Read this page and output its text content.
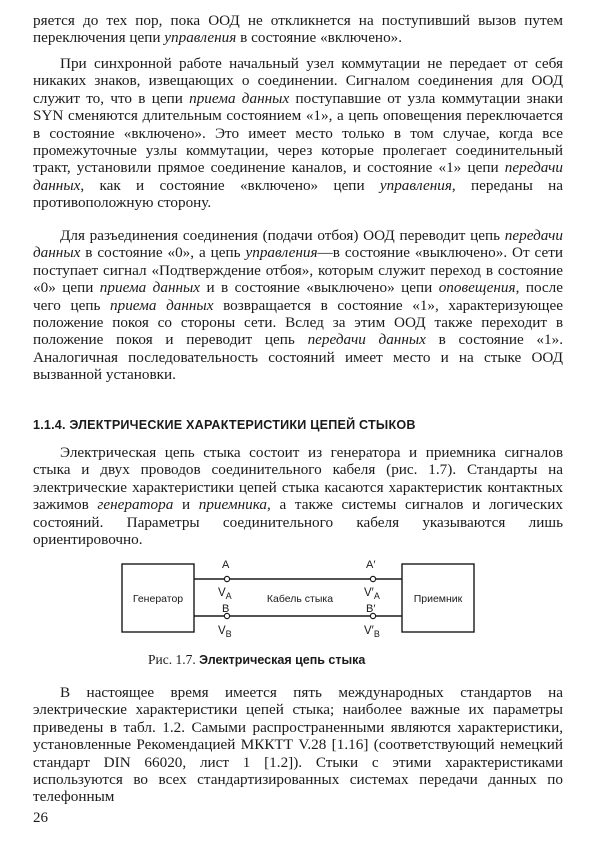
ряется до тех пор, пока ООД не откликнется на поступивший вызов путем переключения цепи управления в состояние «включено».
При синхронной работе начальный узел коммутации не передает от себя никаких знаков, извещающих о соединении. Сигналом соединения для ООД служит то, что в цепи приема данных поступавшие от узла коммутации знаки SYN сменяются длительным состоянием «1», а цепь оповещения переключается в состояние «включено». Это имеет место только в том случае, когда все промежуточные узлы коммутации, через которые пролегает соединительный тракт, установили прямое соединение каналов, и состояние «1» цепи передачи данных, как и состояние «включено» цепи управления, переданы на противоположную сторону.
Для разъединения соединения (подачи отбоя) ООД переводит цепь передачи данных в состояние «0», а цепь управления—в состояние «выключено». От сети поступает сигнал «Подтверждение отбоя», которым служит переход в состояние «0» цепи приема данных и в состояние «выключено» цепи оповещения, после чего цепь приема данных возвращается в состояние «1», характеризующее положение покоя со стороны сети. Вслед за этим ООД также переходит в положение покоя и переводит цепь передачи данных в состояние «1». Аналогичная последовательность состояний имеет место и на стыке ООД вызванной установки.
1.1.4. ЭЛЕКТРИЧЕСКИЕ ХАРАКТЕРИСТИКИ ЦЕПЕЙ СТЫКОВ
Электрическая цепь стыка состоит из генератора и приемника сигналов стыка и двух проводов соединительного кабеля (рис. 1.7). Стандарты на электрические характеристики цепей стыка касаются характеристик контактных зажимов генератора и приемника, а также системы сигналов и логических состояний. Параметры соединительного кабеля указываются лишь ориентировочно.
Генератор	Приемник
Кабель стыка
A
$V_A$
B
$V_B$
A′
$V'_A$
B′
$V'_B$
Рис. 1.7. Электрическая цепь стыка
В настоящее время имеется пять международных стандартов на электрические характеристики цепей стыка; наиболее важные их параметры приведены в табл. 1.2. Самыми распространенными являются характеристики, установленные Рекомендацией МККТТ V.28 [1.16] (соответствующий немецкий стандарт DIN 66020, лист 1 [1.2]). Стыки с этими характеристиками используются во всех стандартизированных системах передачи данных по телефонным
26
